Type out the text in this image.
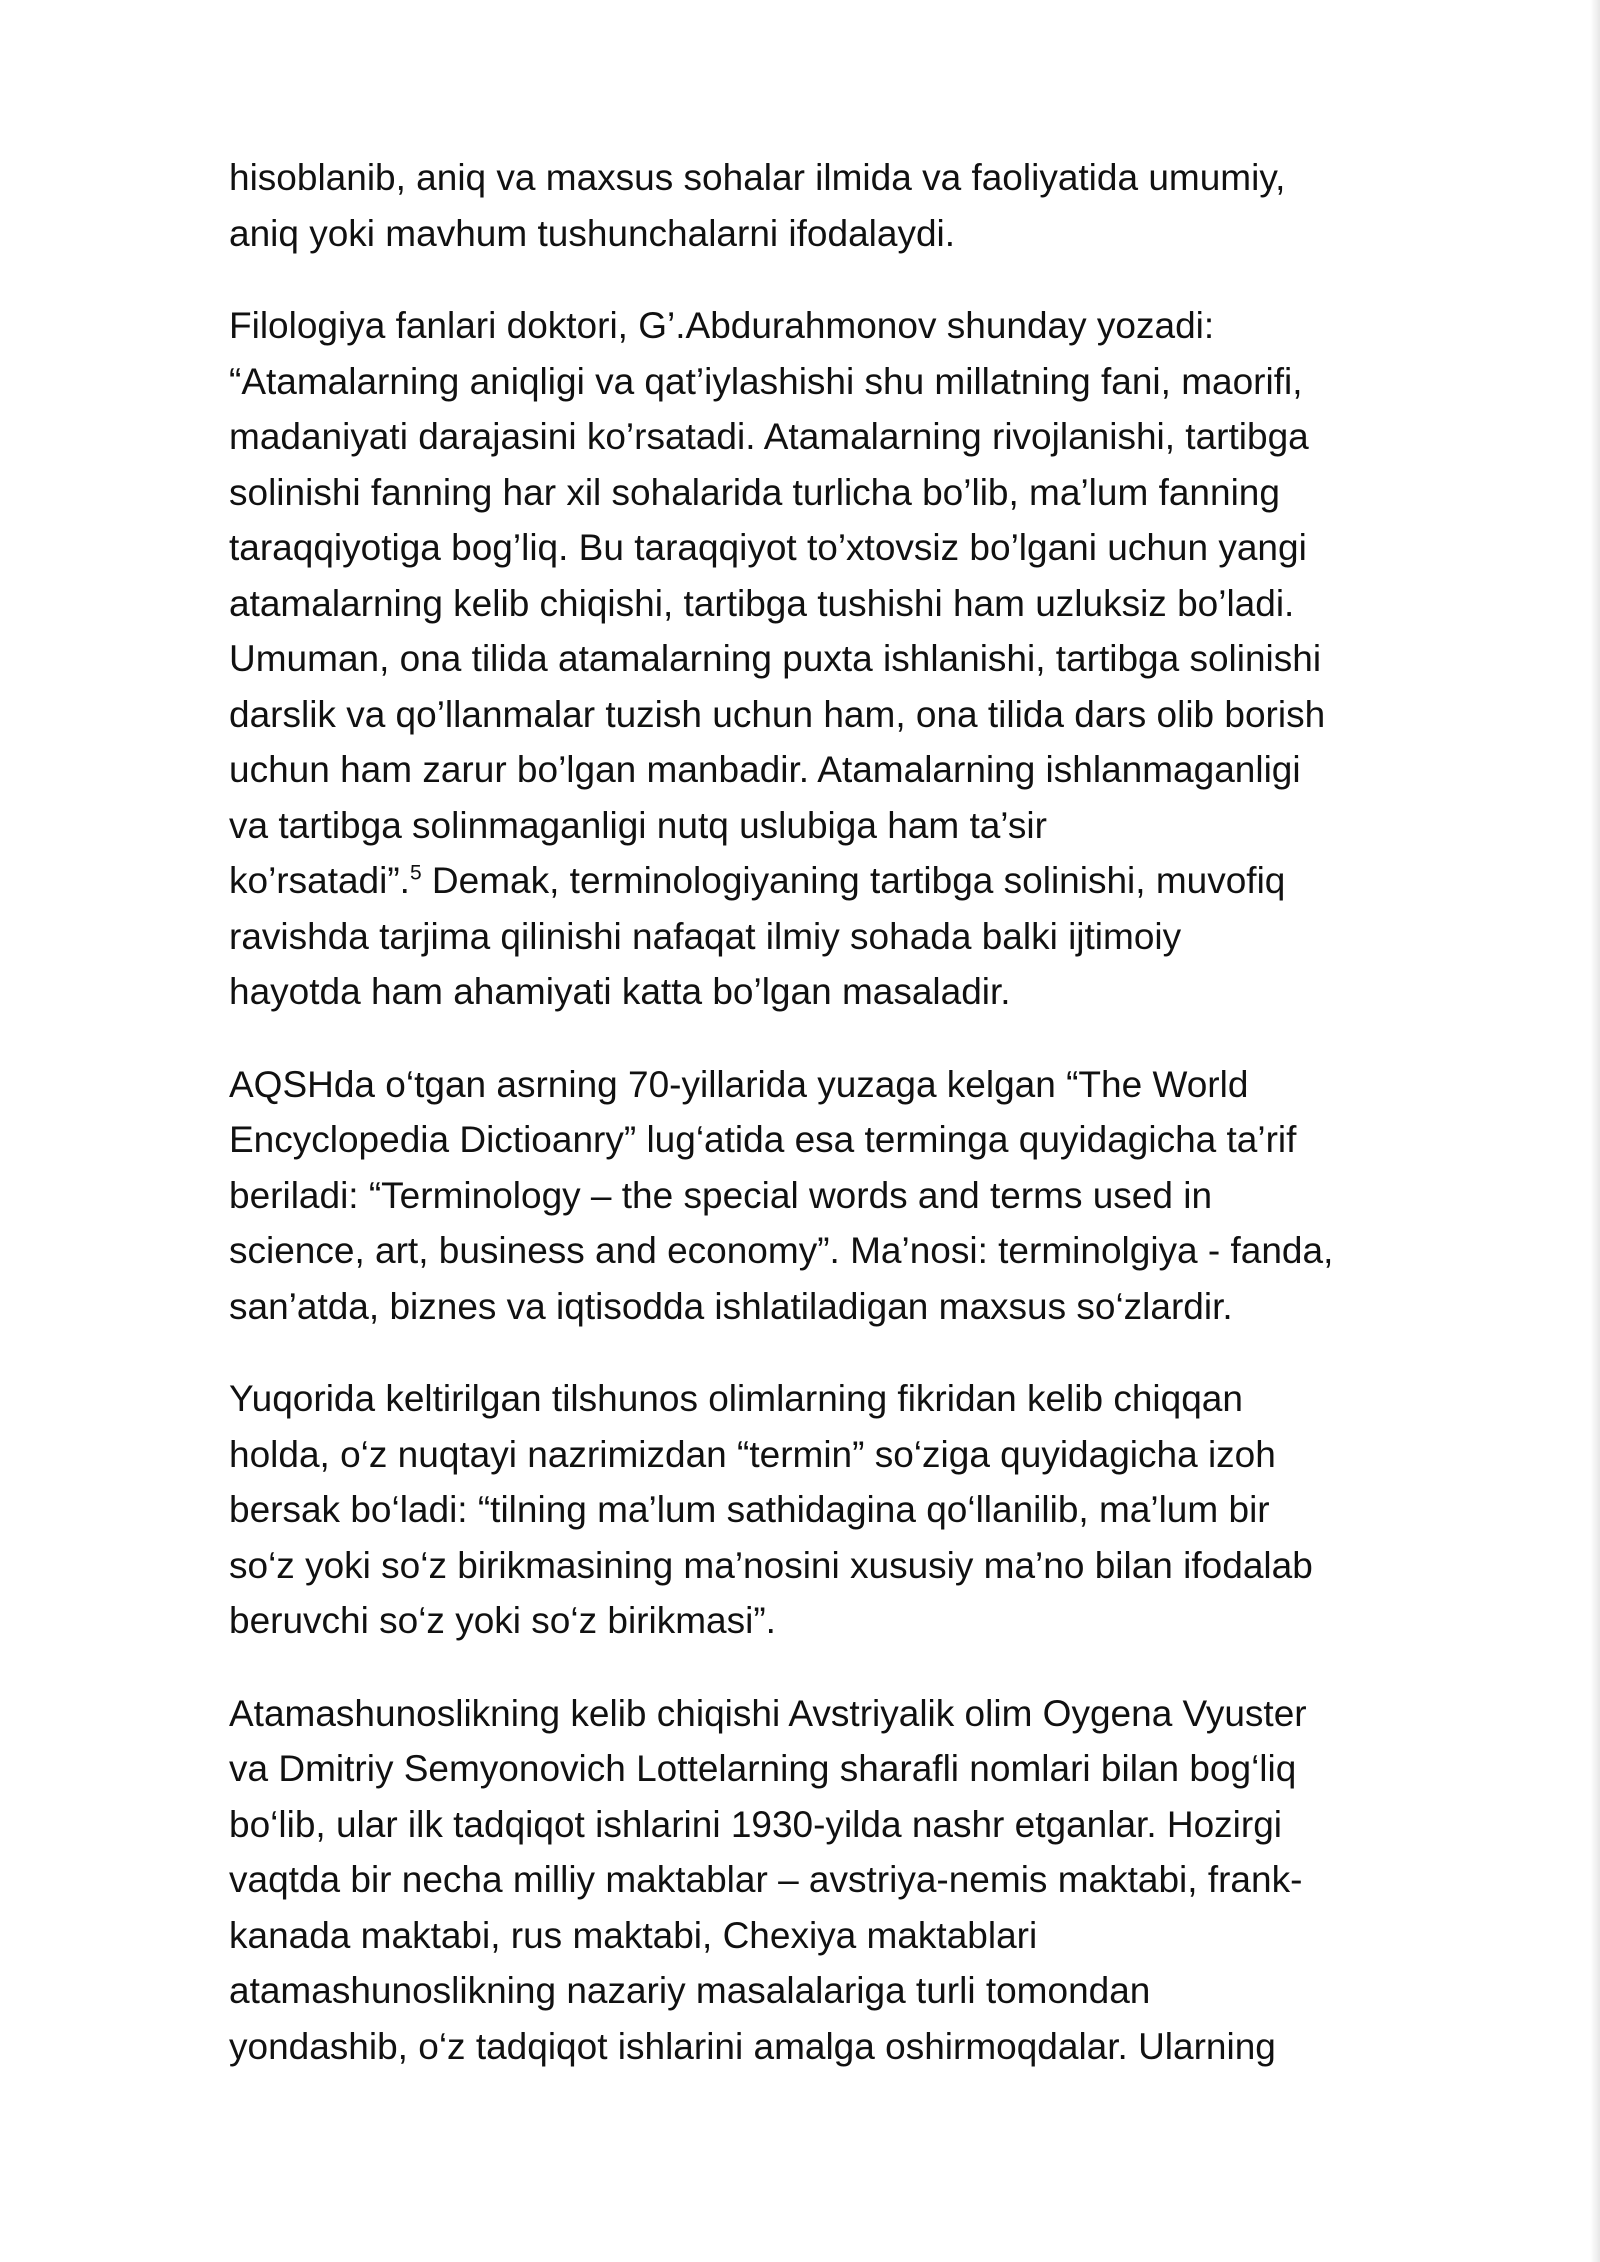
hisoblanib, aniq va maxsus sohalar ilmida va faoliyatida umumiy,
aniq yoki mavhum tushunchalarni ifodalaydi.

Filologiya fanlari doktori, G’.Abdurahmonov shunday yozadi:
“Atamalarning aniqligi va qat’iylashishi shu millatning fani, maorifi,
madaniyati darajasini ko’rsatadi. Atamalarning rivojlanishi, tartibga
solinishi fanning har xil sohalarida turlicha bo’lib, ma’lum fanning
taraqqiyotiga bog’liq. Bu taraqqiyot to’xtovsiz bo’lgani uchun yangi
atamalarning kelib chiqishi, tartibga tushishi ham uzluksiz bo’ladi.
Umuman, ona tilida atamalarning puxta ishlanishi, tartibga solinishi
darslik va qo’llanmalar tuzish uchun ham, ona tilida dars olib borish
uchun ham zarur bo’lgan manbadir. Atamalarning ishlanmaganligi
va tartibga solinmaganligi nutq uslubiga ham ta’sir
ko’rsatadi”.$^5$ Demak, terminologiyaning tartibga solinishi, muvofiq
ravishda tarjima qilinishi nafaqat ilmiy sohada balki ijtimoiy
hayotda ham ahamiyati katta bo’lgan masaladir.

AQSHda o‘tgan asrning 70-yillarida yuzaga kelgan “The World
Encyclopedia Dictioanry” lug‘atida esa terminga quyidagicha ta’rif
beriladi: “Terminology – the special words and terms used in
science, art, business and economy”. Ma’nosi: terminolgiya - fanda,
san’atda, biznes va iqtisodda ishlatiladigan maxsus so‘zlardir.

Yuqorida keltirilgan tilshunos olimlarning fikridan kelib chiqqan
holda, o‘z nuqtayi nazrimizdan “termin” so‘ziga quyidagicha izoh
bersak bo‘ladi: “tilning ma’lum sathidagina qo‘llanilib, ma’lum bir
so‘z yoki so‘z birikmasining ma’nosini xususiy ma’no bilan ifodalab
beruvchi so‘z yoki so‘z birikmasi”.

Atamashunoslikning kelib chiqishi Avstriyalik olim Oygena Vyuster
va Dmitriy Semyonovich Lottelarning sharafli nomlari bilan bog‘liq
bo‘lib, ular ilk tadqiqot ishlarini 1930-yilda nashr etganlar. Hozirgi
vaqtda bir necha milliy maktablar – avstriya-nemis maktabi, frank-
kanada maktabi, rus maktabi, Chexiya maktablari
atamashunoslikning nazariy masalalariga turli tomondan
yondashib, o‘z tadqiqot ishlarini amalga oshirmoqdalar. Ularning
